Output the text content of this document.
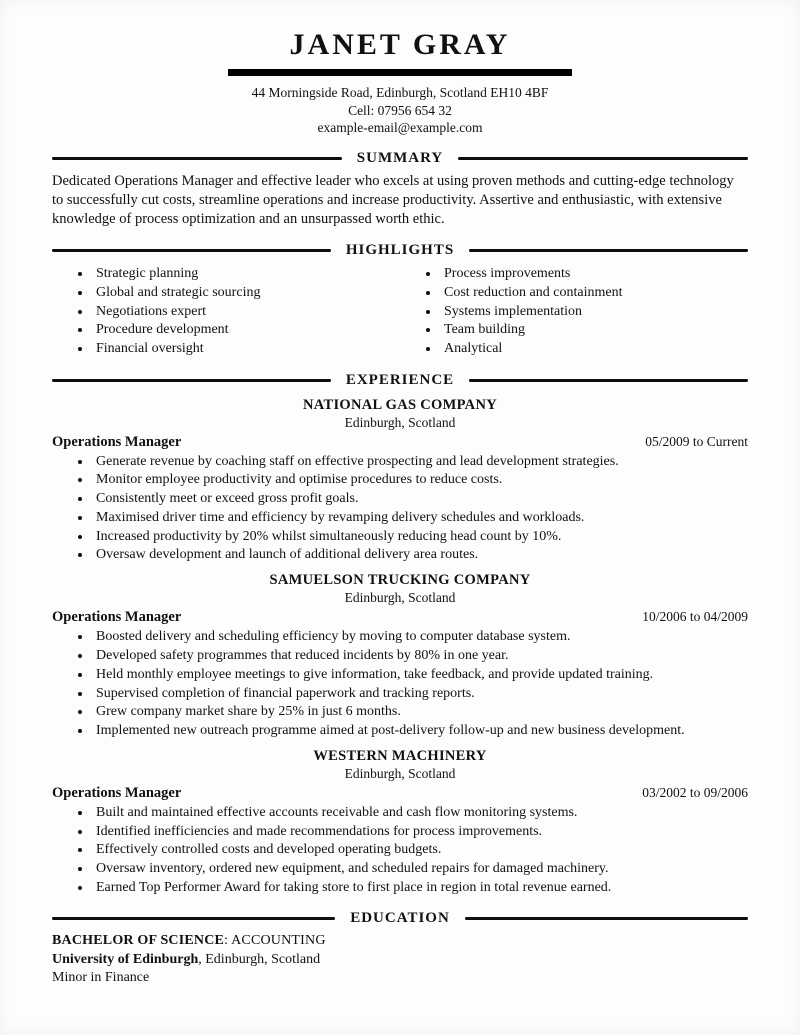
JANET GRAY
44 Morningside Road, Edinburgh, Scotland EH10 4BF
Cell: 07956 654 32
example-email@example.com
SUMMARY

Dedicated Operations Manager and effective leader who excels at using proven methods and cutting-edge technology to successfully cut costs, streamline operations and increase productivity. Assertive and enthusiastic, with extensive knowledge of process optimization and an unsurpassed worth ethic.

HIGHLIGHTS
• Strategic planning
• Global and strategic sourcing
• Negotiations expert
• Procedure development
• Financial oversight
• Process improvements
• Cost reduction and containment
• Systems implementation
• Team building
• Analytical
EXPERIENCE
NATIONAL GAS COMPANY
Edinburgh, Scotland
Operations Manager	05/2009 to Current
• Generate revenue by coaching staff on effective prospecting and lead development strategies.
• Monitor employee productivity and optimise procedures to reduce costs.
• Consistently meet or exceed gross profit goals.
• Maximised driver time and efficiency by revamping delivery schedules and workloads.
• Increased productivity by 20% whilst simultaneously reducing head count by 10%.
• Oversaw development and launch of additional delivery area routes.
SAMUELSON TRUCKING COMPANY
Edinburgh, Scotland
Operations Manager	10/2006 to 04/2009
• Boosted delivery and scheduling efficiency by moving to computer database system.
• Developed safety programmes that reduced incidents by 80% in one year.
• Held monthly employee meetings to give information, take feedback, and provide updated training.
• Supervised completion of financial paperwork and tracking reports.
• Grew company market share by 25% in just 6 months.
• Implemented new outreach programme aimed at post-delivery follow-up and new business development.
WESTERN MACHINERY
Edinburgh, Scotland
Operations Manager	03/2002 to 09/2006
• Built and maintained effective accounts receivable and cash flow monitoring systems.
• Identified inefficiencies and made recommendations for process improvements.
• Effectively controlled costs and developed operating budgets.
• Oversaw inventory, ordered new equipment, and scheduled repairs for damaged machinery.
• Earned Top Performer Award for taking store to first place in region in total revenue earned.
EDUCATION
BACHELOR OF SCIENCE: ACCOUNTING
University of Edinburgh, Edinburgh, Scotland
Minor in Finance
